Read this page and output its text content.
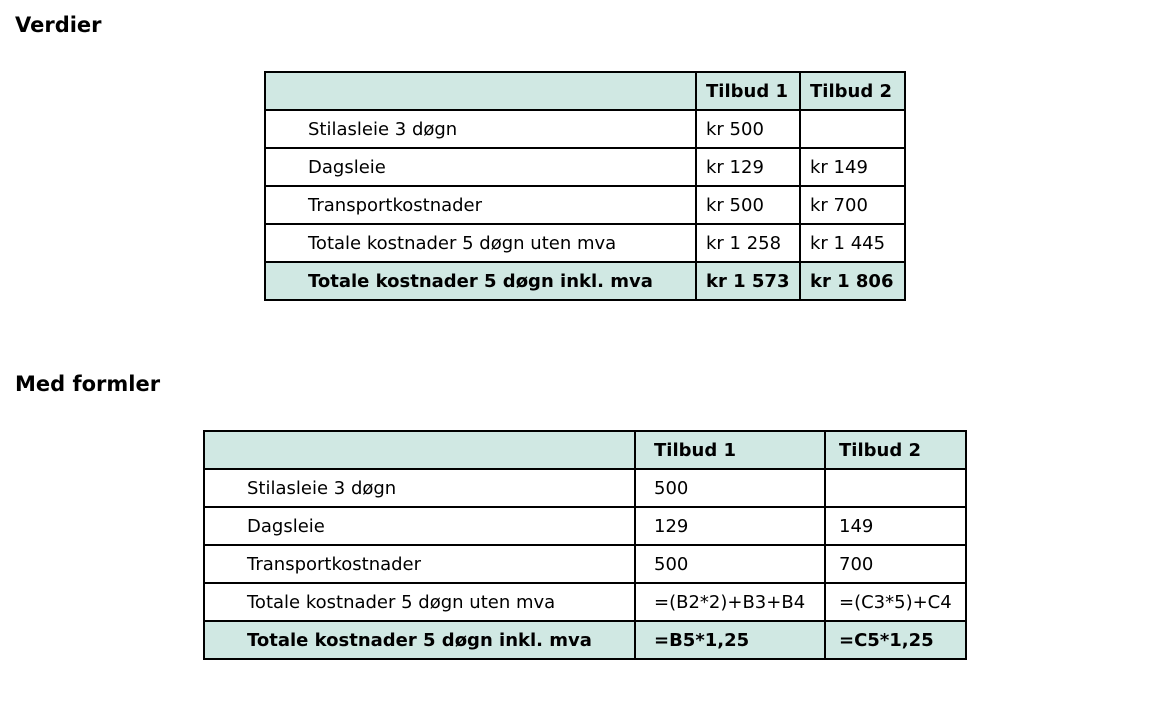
Verdier
	Tilbud 1	Tilbud 2
Stilasleie 3 døgn	kr 500	
Dagsleie	kr 129	kr 149
Transportkostnader	kr 500	kr 700
Totale kostnader 5 døgn uten mva	kr 1 258	kr 1 445
Totale kostnader 5 døgn inkl. mva	kr 1 573	kr 1 806
Med formler
	Tilbud 1	Tilbud 2
Stilasleie 3 døgn	500	
Dagsleie	129	149
Transportkostnader	500	700
Totale kostnader 5 døgn uten mva	=(B2*2)+B3+B4	=(C3*5)+C4
Totale kostnader 5 døgn inkl. mva	=B5*1,25	=C5*1,25
